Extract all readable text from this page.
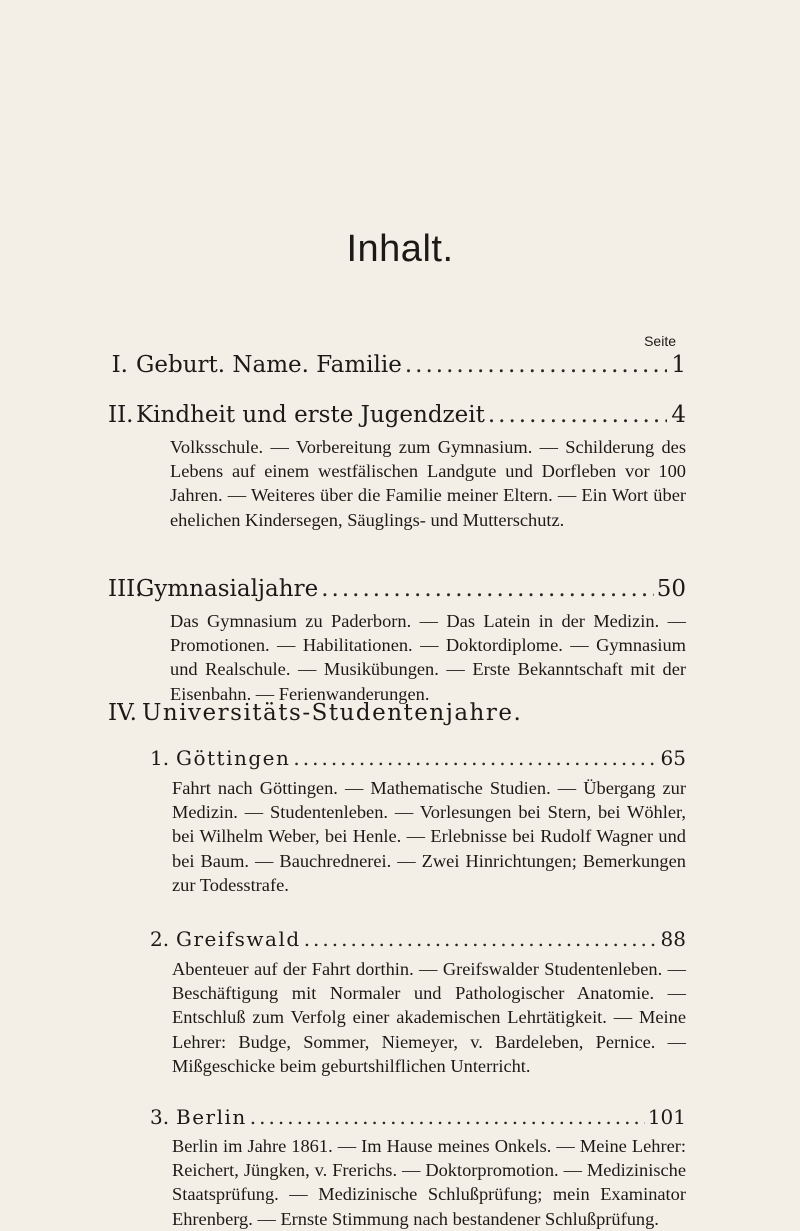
Inhalt.
Seite
I. Geburt. Name. Familie .....	1
II. Kindheit und erste Jugendzeit .....	4
Volksschule. — Vorbereitung zum Gymnasium. — Schilderung des Lebens auf einem westfälischen Landgute und Dorfleben vor 100 Jahren. — Weiteres über die Familie meiner Eltern. — Ein Wort über ehelichen Kindersegen, Säuglings- und Mutterschutz.
III.
Gymnasialjahre .....	50
Das Gymnasium zu Paderborn. — Das Latein in der Medizin. — Promotionen. — Habilitationen. — Doktordiplome. — Gymnasium und Realschule. — Musikübungen. — Erste Bekanntschaft mit der Eisenbahn. — Ferienwanderungen.
IV. Universitäts-Studentenjahre.
1. Göttingen .....	65
Fahrt nach Göttingen. — Mathematische Studien. — Übergang zur Medizin. — Studentenleben. — Vorlesungen bei Stern, bei Wöhler, bei Wilhelm Weber, bei Henle. — Erlebnisse bei Rudolf Wagner und bei Baum. — Bauchrednerei. — Zwei Hinrichtungen; Bemerkungen zur Todesstrafe.
2. Greifswald .....	88
Abenteuer auf der Fahrt dorthin. — Greifswalder Studentenleben. — Beschäftigung mit Normaler und Pathologischer Anatomie. — Entschluß zum Verfolg einer akademischen Lehrtätigkeit. — Meine Lehrer: Budge, Sommer, Niemeyer, v. Bardeleben, Pernice. — Mißgeschicke beim geburtshilflichen Unterricht.
3. Berlin .....	101
Berlin im Jahre 1861. — Im Hause meines Onkels. — Meine Lehrer: Reichert, Jüngken, v. Frerichs. — Doktorpromotion. — Medizinische Staatsprüfung. — Medizinische Schlußprüfung; mein Examinator Ehrenberg. — Ernste Stimmung nach bestandener Schlußprüfung.
